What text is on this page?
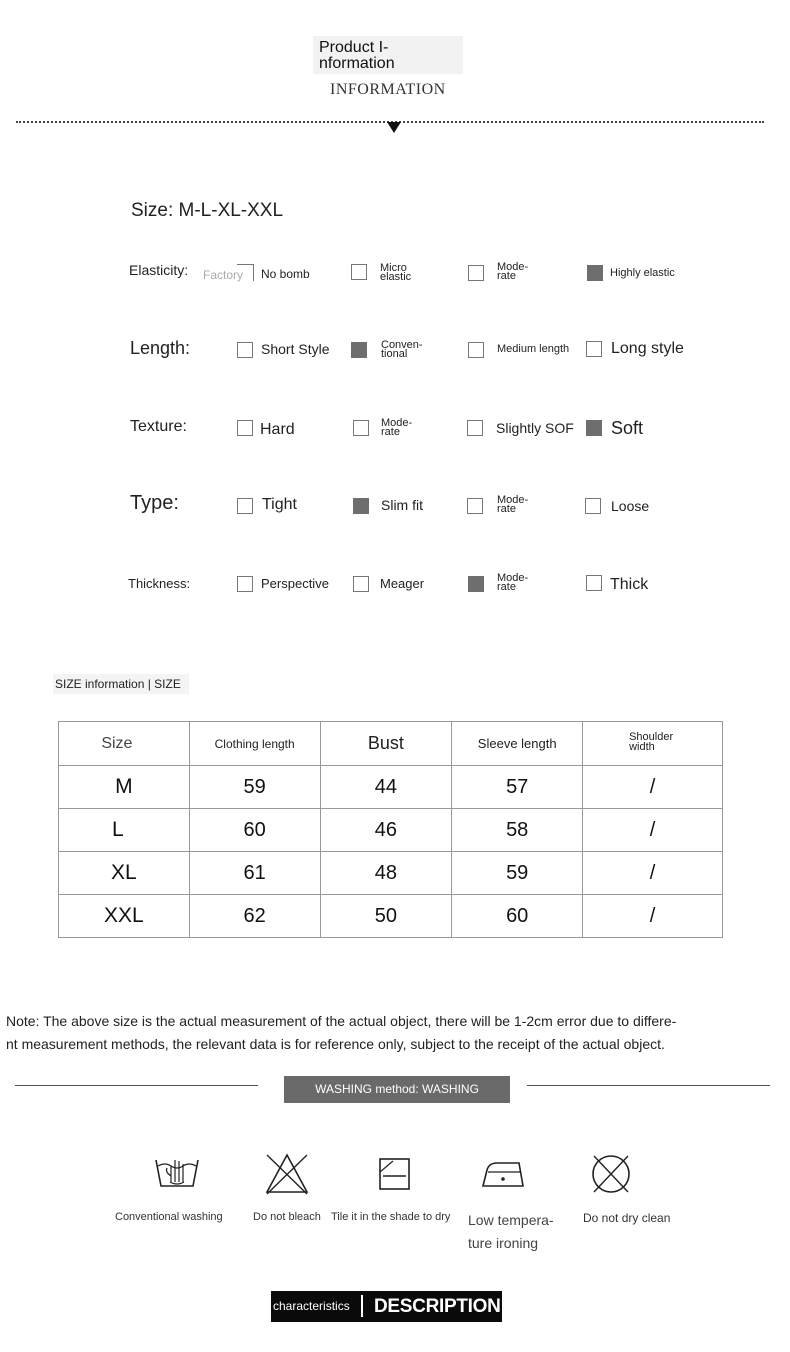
Product I-
nformation
INFORMATION
Size: M-L-XL-XXL
Elasticity: Factory No bomb	Micro
elastic
Mode-
rate	Highly elastic
Length:	Short Style	Conven-
tional	Medium length	Long style
Texture:	Hard	Mode-
rate	Slightly SOF Soft
Type:	Tight	Slim fit	Mode-
rate	Loose
Thickness:	Perspective	Meager	Mode-
rate	Thick
SIZE information | SIZE
Size	Clothing length	Bust	Sleeve length	Shoulder
width
M	59	44	57	/
L	60	46	58	/
XL	61	48	59	/
XXL	62	50	60	/
Note: The above size is the actual measurement of the actual object, there will be 1-2cm error due to differe-
nt measurement methods, the relevant data is for reference only, subject to the receipt of the actual object.
WASHING method: WASHING
Conventional washing	Do not bleach Tile it in the shade to dry Low tempera-
ture ironing
Do not dry clean
characteristics DESCRIPTION
